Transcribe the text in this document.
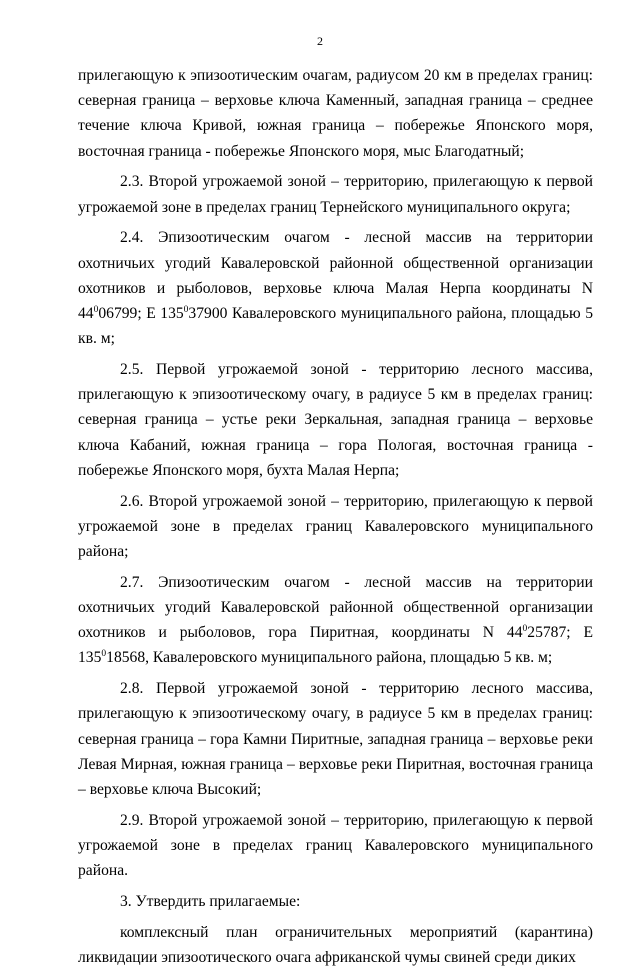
2

прилегающую к эпизоотическим очагам, радиусом 20 км в пределах границ: северная граница – верховье ключа Каменный, западная граница – среднее течение ключа Кривой, южная граница – побережье Японского моря, восточная граница - побережье Японского моря, мыс Благодатный;

2.3. Второй угрожаемой зоной – территорию, прилегающую к первой угрожаемой зоне в пределах границ Тернейского муниципального округа;

2.4. Эпизоотическим очагом - лесной массив на территории охотничьих угодий Кавалеровской районной общественной организации охотников и рыболовов, верховье ключа Малая Нерпа координаты N $44^006799$; E $135^037900$ Кавалеровского муниципального района, площадью 5 кв. м;

2.5. Первой угрожаемой зоной - территорию лесного массива, прилегающую к эпизоотическому очагу, в радиусе 5 км в пределах границ: северная граница – устье реки Зеркальная, западная граница – верховье ключа Кабаний, южная граница – гора Пологая, восточная граница - побережье Японского моря, бухта Малая Нерпа;

2.6. Второй угрожаемой зоной – территорию, прилегающую к первой угрожаемой зоне в пределах границ Кавалеровского муниципального района;

2.7. Эпизоотическим очагом - лесной массив на территории охотничьих угодий Кавалеровской районной общественной организации охотников и рыболовов, гора Пиритная, координаты N $44^025787$; E $135^018568$, Кавалеровского муниципального района, площадью 5 кв. м;

2.8. Первой угрожаемой зоной - территорию лесного массива, прилегающую к эпизоотическому очагу, в радиусе 5 км в пределах границ: северная граница – гора Камни Пиритные, западная граница – верховье реки Левая Мирная, южная граница – верховье реки Пиритная, восточная граница – верховье ключа Высокий;

2.9. Второй угрожаемой зоной – территорию, прилегающую к первой угрожаемой зоне в пределах границ Кавалеровского муниципального района.

3. Утвердить прилагаемые:

комплексный план ограничительных мероприятий (карантина) ликвидации эпизоотического очага африканской чумы свиней среди диких
